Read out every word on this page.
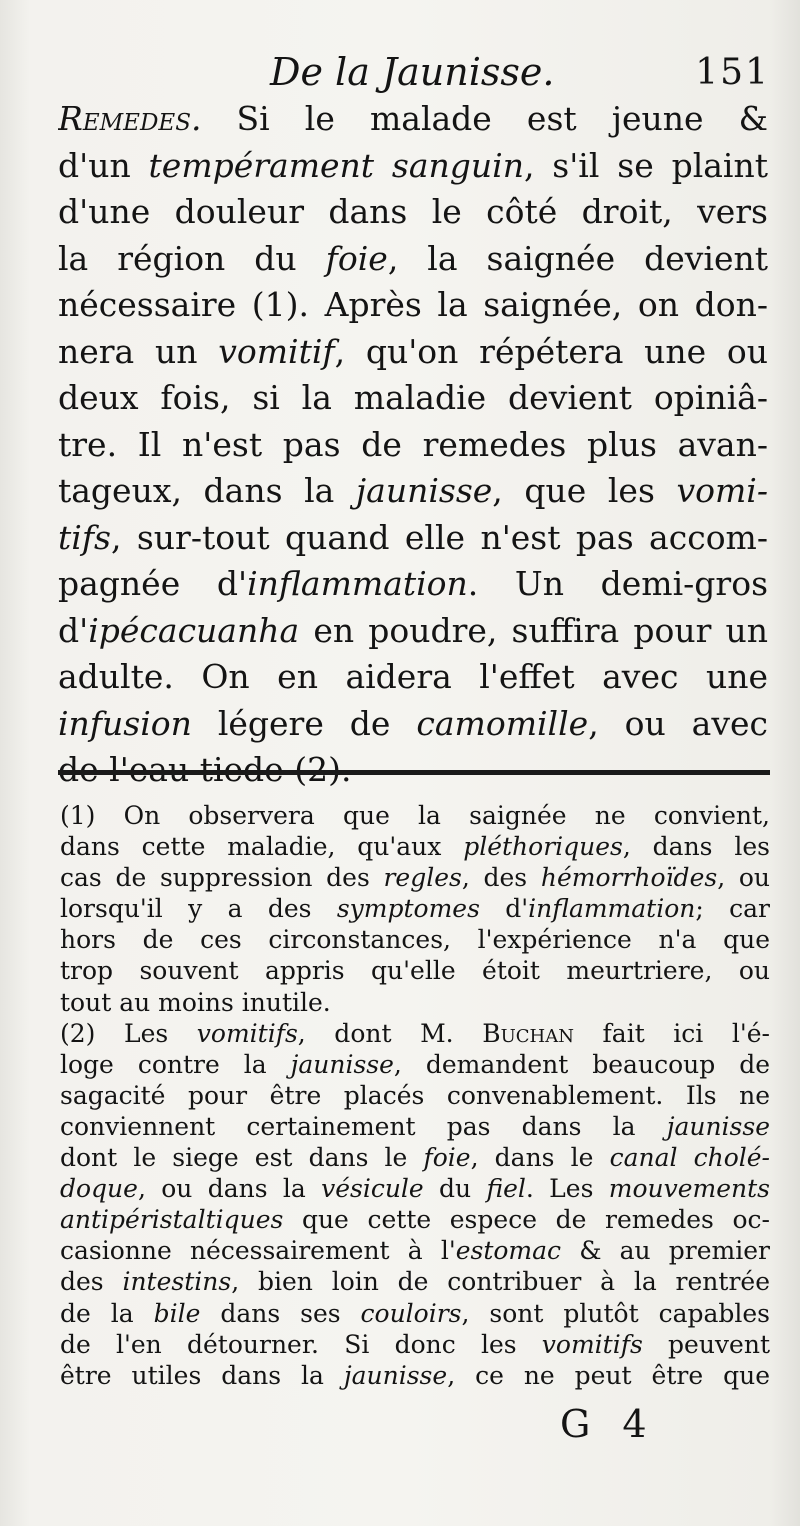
De la Jaunisse.	151
Remedes. Si le malade est jeune &
d'un tempérament sanguin, s'il se plaint
d'une douleur dans le côté droit, vers
la région du foie, la saignée devient
nécessaire (1). Après la saignée, on don-
nera un vomitif, qu'on répétera une ou
deux fois, si la maladie devient opiniâ-
tre. Il n'est pas de remedes plus avan-
tageux, dans la jaunisse, que les vomi-
tifs, sur-tout quand elle n'est pas accom-
pagnée d'inflammation. Un demi-gros
d'ipécacuanha en poudre, suffira pour un
adulte. On en aidera l'effet avec une
infusion légere de camomille, ou avec
(1) On observera que la saignée ne convient,
dans cette maladie, qu'aux pléthoriques, dans les
cas de suppression des regles, des hémorrhoïdes, ou
lorsqu'il y a des symptomes d'inflammation; car
hors de ces circonstances, l'expérience n'a que
trop souvent appris qu'elle étoit meurtriere, ou
tout au moins inutile.
(2) Les vomitifs, dont M. Buchan fait ici l'é-
loge contre la jaunisse, demandent beaucoup de
sagacité pour être placés convenablement. Ils ne
conviennent certainement pas dans la jaunisse
dont le siege est dans le foie, dans le canal cholé-
doque, ou dans la vésicule du fiel. Les mouvements
antipéristaltiques que cette espece de remedes oc-
casionne nécessairement à l'estomac & au premier
des intestins, bien loin de contribuer à la rentrée
de la bile dans ses couloirs, sont plutôt capables
de l'en détourner. Si donc les vomitifs peuvent
être utiles dans la jaunisse, ce ne peut être que
G 4
